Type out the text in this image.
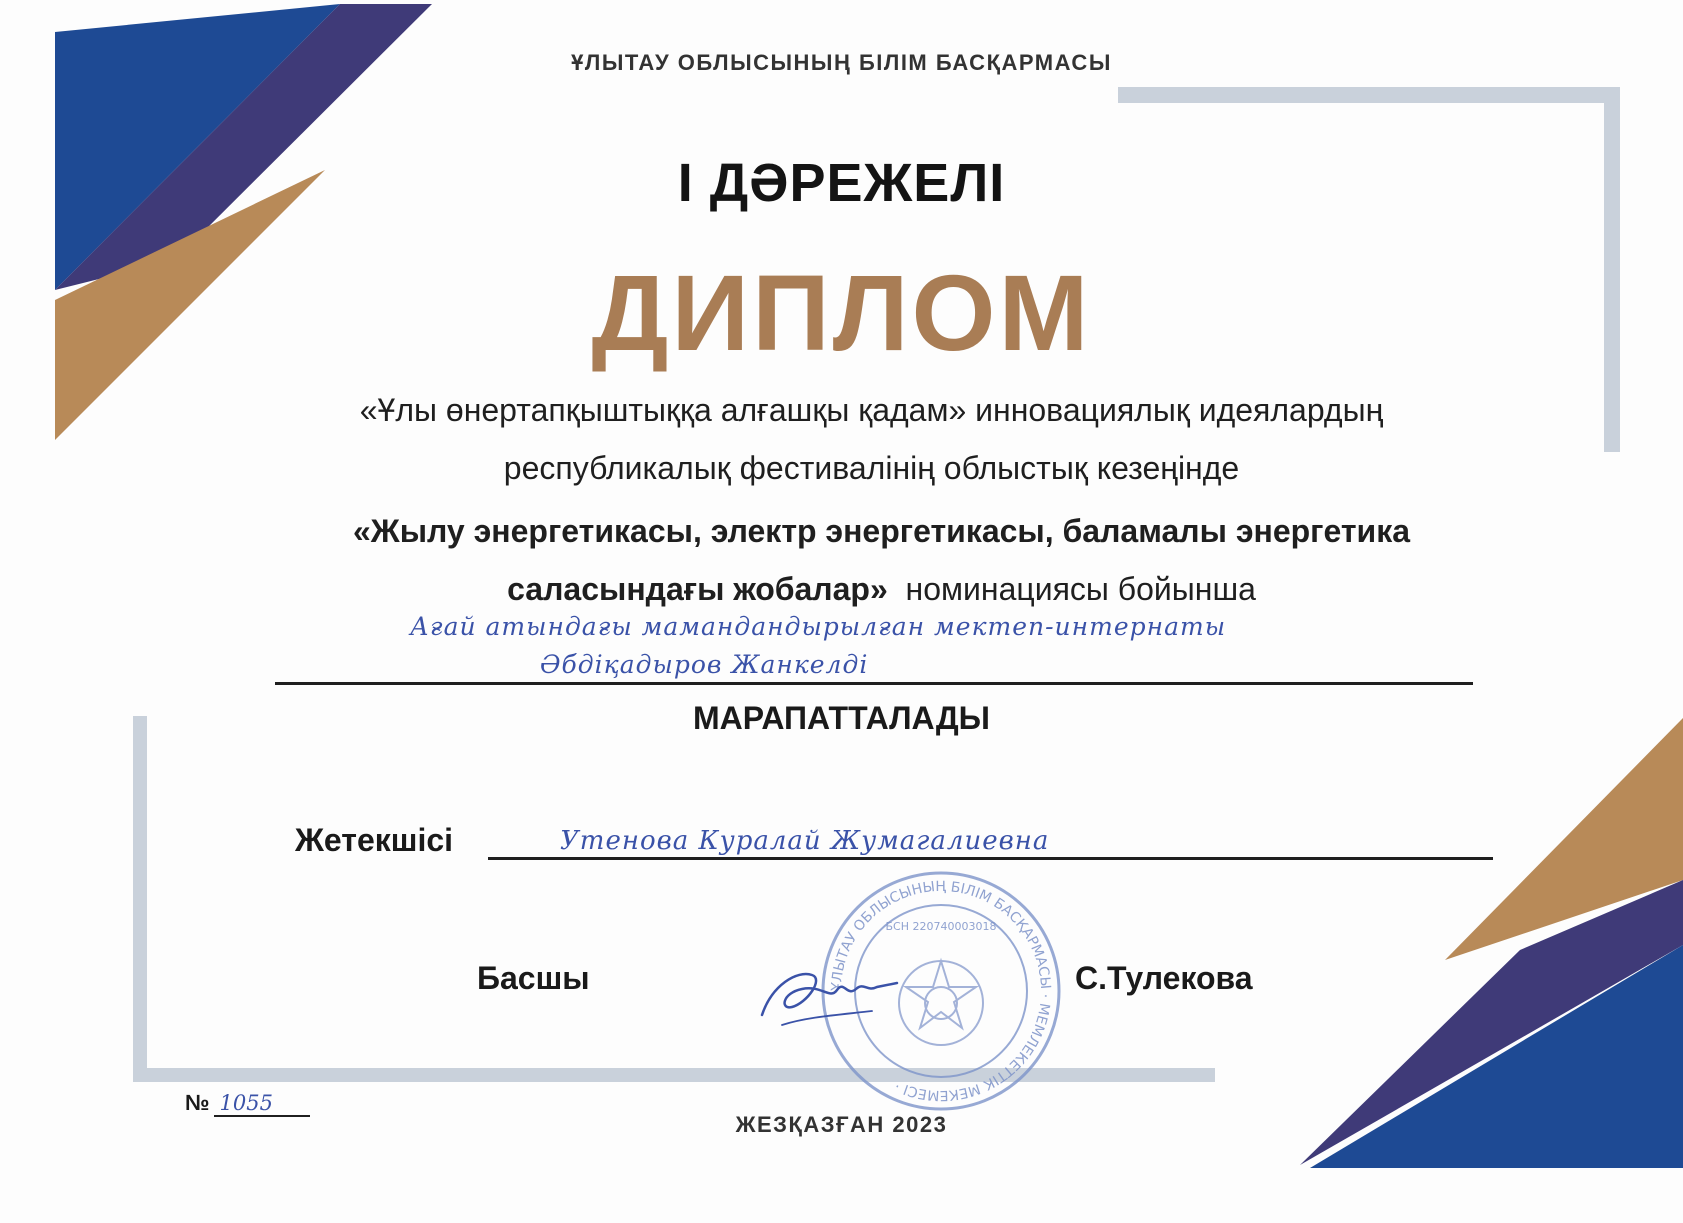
ҰЛЫТАУ ОБЛЫСЫНЫҢ БІЛІМ БАСҚАРМАСЫ
I ДӘРЕЖЕЛІ
ДИПЛОМ
«Ұлы өнертапқыштыққа алғашқы қадам» инновациялық идеялардың
республикалық фестивалінің облыстық кезеңінде
«Жылу энергетикасы, электр энергетикасы, баламалы энергетика
саласындағы жобалар» номинациясы бойынша
Ағай атындағы мамандандырылған мектеп-интернаты
Әбдіқадыров Жанкелді
МАРАПАТТАЛАДЫ
Жетекшісі	Утенова Куралай Жумагалиевна
ҰЛЫТАУ ОБЛЫСЫНЫҢ БІЛІМ БАСҚАРМАСЫ · МЕМЛЕКЕТТІК МЕКЕМЕСІ ·
БСН 220740003018
Басшы	С.Тулекова
№ 1055
ЖЕЗҚАЗҒАН 2023
